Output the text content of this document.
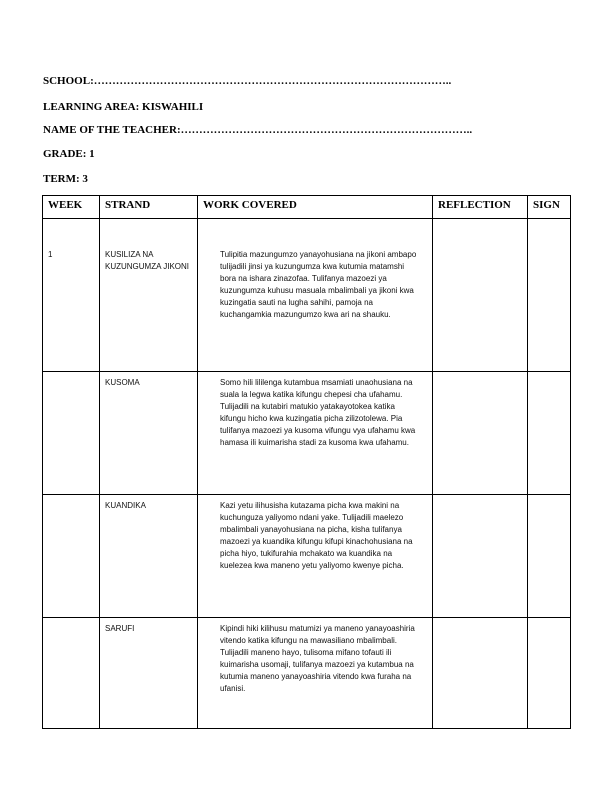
SCHOOL:……………………………………………………………………………………..
LEARNING AREA: KISWAHILI
NAME OF THE TEACHER:……………………………………………………………………..
GRADE: 1
TERM: 3
WEEK	STRAND	WORK COVERED	REFLECTION	SIGN
1	KUSILIZA NA KUZUNGUMZA JIKONI	Tulipitia mazungumzo yanayohusiana na jikoni ambapo tulijadili jinsi ya kuzungumza kwa kutumia matamshi bora na ishara zinazofaa. Tulifanya mazoezi ya kuzungumza kuhusu masuala mbalimbali ya jikoni kwa kuzingatia sauti na lugha sahihi, pamoja na kuchangamkia mazungumzo kwa ari na shauku.		
	KUSOMA	Somo hili lililenga kutambua msamiati unaohusiana na suala la legwa katika kifungu chepesi cha ufahamu. Tulijadili na kutabiri matukio yatakayotokea katika kifungu hicho kwa kuzingatia picha zilizotolewa. Pia tulifanya mazoezi ya kusoma vifungu vya ufahamu kwa hamasa ili kuimarisha stadi za kusoma kwa ufahamu.		
	KUANDIKA	Kazi yetu ilihusisha kutazama picha kwa makini na kuchunguza yaliyomo ndani yake. Tulijadili maelezo mbalimbali yanayohusiana na picha, kisha tulifanya mazoezi ya kuandika kifungu kifupi kinachohusiana na picha hiyo, tukifurahia mchakato wa kuandika na kuelezea kwa maneno yetu yaliyomo kwenye picha.		
	SARUFI	Kipindi hiki kilihusu matumizi ya maneno yanayoashiria vitendo katika kifungu na mawasiliano mbalimbali. Tulijadili maneno hayo, tulisoma mifano tofauti ili kuimarisha usomaji, tulifanya mazoezi ya kutambua na kutumia maneno yanayoashiria vitendo kwa furaha na ufanisi.		
